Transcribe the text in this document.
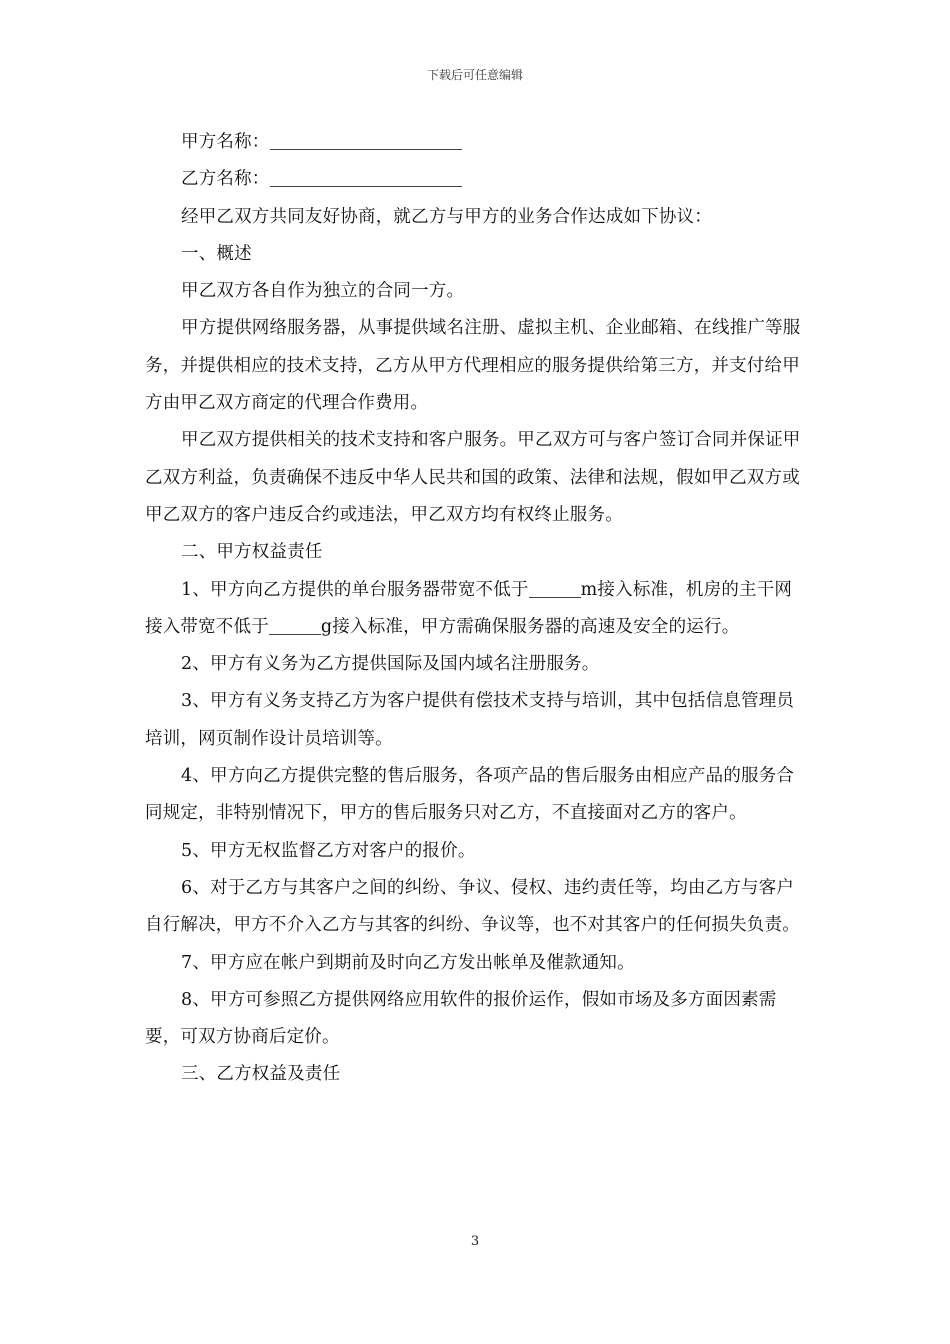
下载后可任意编辑

甲方名称：

乙方名称：

经甲乙双方共同友好协商，就乙方与甲方的业务合作达成如下协议：

一、概述

甲乙双方各自作为独立的合同一方。

甲方提供网络服务器，从事提供域名注册、虚拟主机、企业邮箱、在线推广等服务，并提供相应的技术支持，乙方从甲方代理相应的服务提供给第三方，并支付给甲方由甲乙双方商定的代理合作费用。

甲乙双方提供相关的技术支持和客户服务。甲乙双方可与客户签订合同并保证甲乙双方利益，负责确保不违反中华人民共和国的政策、法律和法规，假如甲乙双方或甲乙双方的客户违反合约或违法，甲乙双方均有权终止服务。

二、甲方权益责任

1、甲方向乙方提供的单台服务器带宽不低于	m接入标准，机房的主干网接入带宽不低于	g接入标准，甲方需确保服务器的高速及安全的运行。

2、甲方有义务为乙方提供国际及国内域名注册服务。

3、甲方有义务支持乙方为客户提供有偿技术支持与培训，其中包括信息管理员培训，网页制作设计员培训等。

4、甲方向乙方提供完整的售后服务，各项产品的售后服务由相应产品的服务合同规定，非特别情况下，甲方的售后服务只对乙方，不直接面对乙方的客户。

5、甲方无权监督乙方对客户的报价。

6、对于乙方与其客户之间的纠纷、争议、侵权、违约责任等，均由乙方与客户自行解决，甲方不介入乙方与其客的纠纷、争议等，也不对其客户的任何损失负责。

7、甲方应在帐户到期前及时向乙方发出帐单及催款通知。

8、甲方可参照乙方提供网络应用软件的报价运作，假如市场及多方面因素需要，可双方协商后定价。

三、乙方权益及责任

3
